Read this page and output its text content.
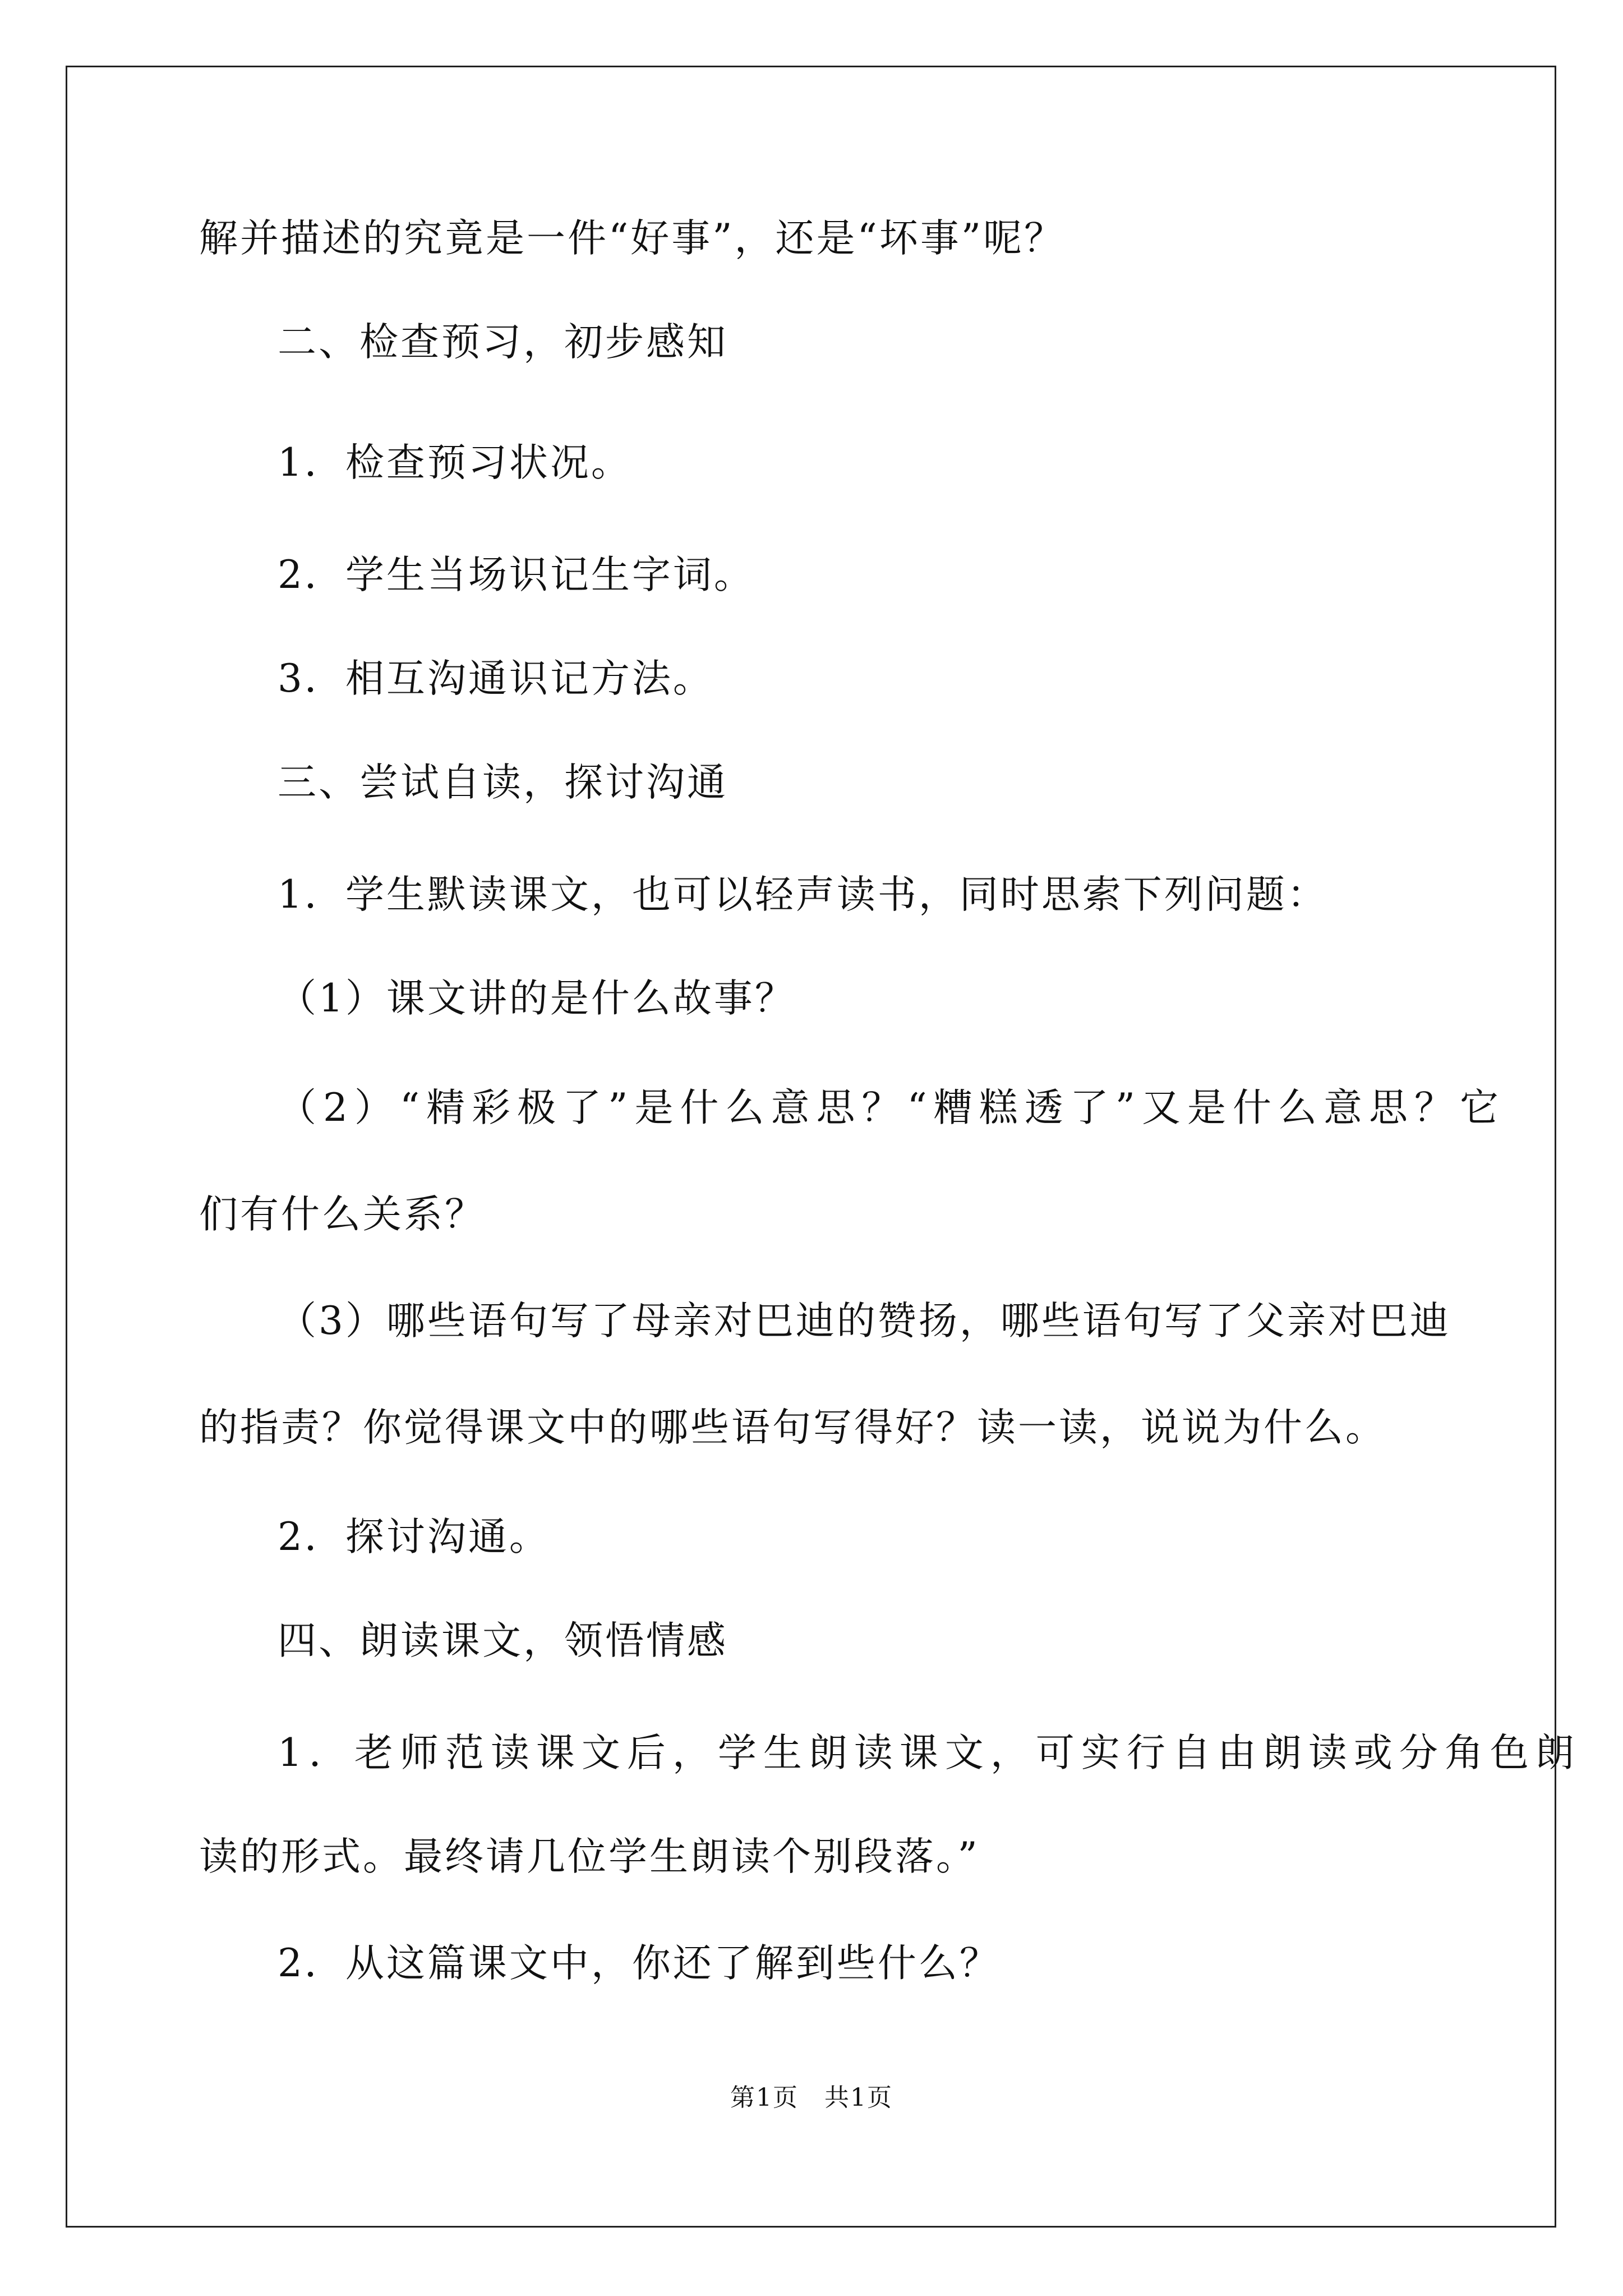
解并描述的究竟是一件“好事”，还是“坏事”呢？

二、检查预习，初步感知

1．检查预习状况。

2．学生当场识记生字词。

3．相互沟通识记方法。

三、尝试自读，探讨沟通

1．学生默读课文，也可以轻声读书，同时思索下列问题：

（1）课文讲的是什么故事？

（2）“精彩极了”是什么意思？“糟糕透了”又是什么意思？它

们有什么关系？

（3）哪些语句写了母亲对巴迪的赞扬，哪些语句写了父亲对巴迪

的指责？你觉得课文中的哪些语句写得好？读一读，说说为什么。

2．探讨沟通。

四、朗读课文，领悟情感

1．老师范读课文后，学生朗读课文，可实行自由朗读或分角色朗

读的形式。最终请几位学生朗读个别段落。”

2．从这篇课文中，你还了解到些什么？

第1页　共1页
